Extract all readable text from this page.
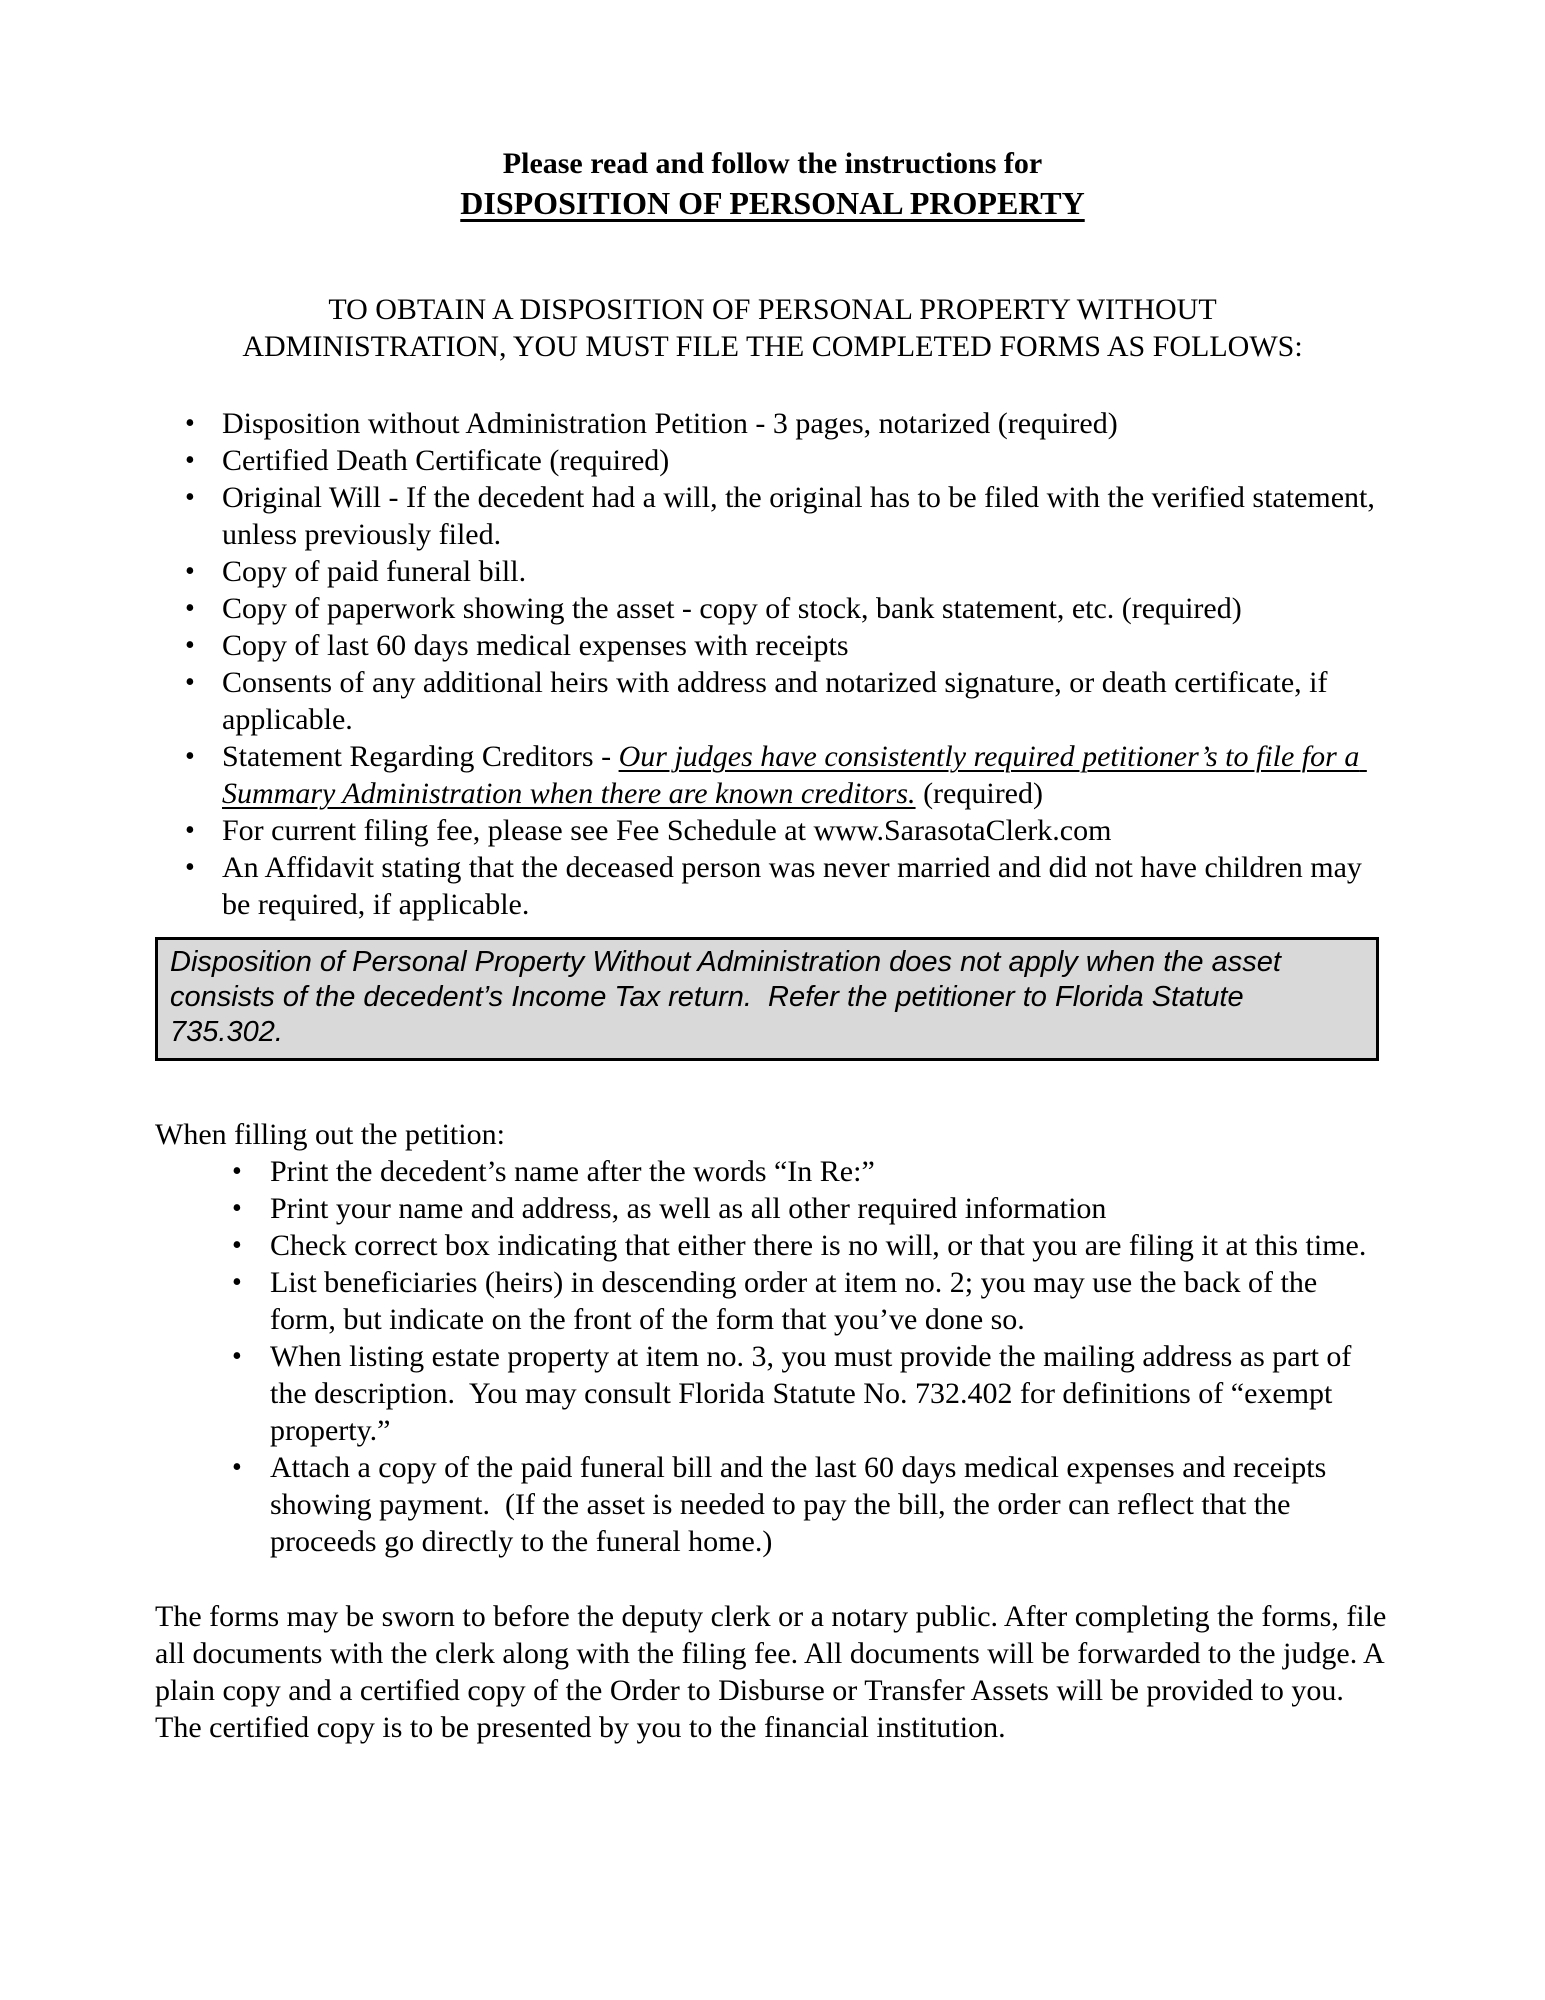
Please read and follow the instructions for
DISPOSITION OF PERSONAL PROPERTY
TO OBTAIN A DISPOSITION OF PERSONAL PROPERTY WITHOUT
ADMINISTRATION, YOU MUST FILE THE COMPLETED FORMS AS FOLLOWS:
• Disposition without Administration Petition - 3 pages, notarized (required)
• Certified Death Certificate (required)
• Original Will - If the decedent had a will, the original has to be filed with the verified statement, unless previously filed.
• Copy of paid funeral bill.
• Copy of paperwork showing the asset - copy of stock, bank statement, etc. (required)
• Copy of last 60 days medical expenses with receipts
• Consents of any additional heirs with address and notarized signature, or death certificate, if applicable.
• Statement Regarding Creditors - Our judges have consistently required petitioner’s to file for a Summary Administration when there are known creditors. (required)
• For current filing fee, please see Fee Schedule at www.SarasotaClerk.com
• An Affidavit stating that the deceased person was never married and did not have children may be required, if applicable.
Disposition of Personal Property Without Administration does not apply when the asset consists of the decedent’s Income Tax return.  Refer the petitioner to Florida Statute 735.302.
When filling out the petition:
• Print the decedent’s name after the words “In Re:”
• Print your name and address, as well as all other required information
• Check correct box indicating that either there is no will, or that you are filing it at this time.
• List beneficiaries (heirs) in descending order at item no. 2; you may use the back of the form, but indicate on the front of the form that you’ve done so.
• When listing estate property at item no. 3, you must provide the mailing address as part of the description.  You may consult Florida Statute No. 732.402 for definitions of “exempt property.”
• Attach a copy of the paid funeral bill and the last 60 days medical expenses and receipts showing payment.  (If the asset is needed to pay the bill, the order can reflect that the proceeds go directly to the funeral home.)
The forms may be sworn to before the deputy clerk or a notary public. After completing the forms, file all documents with the clerk along with the filing fee. All documents will be forwarded to the judge. A plain copy and a certified copy of the Order to Disburse or Transfer Assets will be provided to you.  The certified copy is to be presented by you to the financial institution.
